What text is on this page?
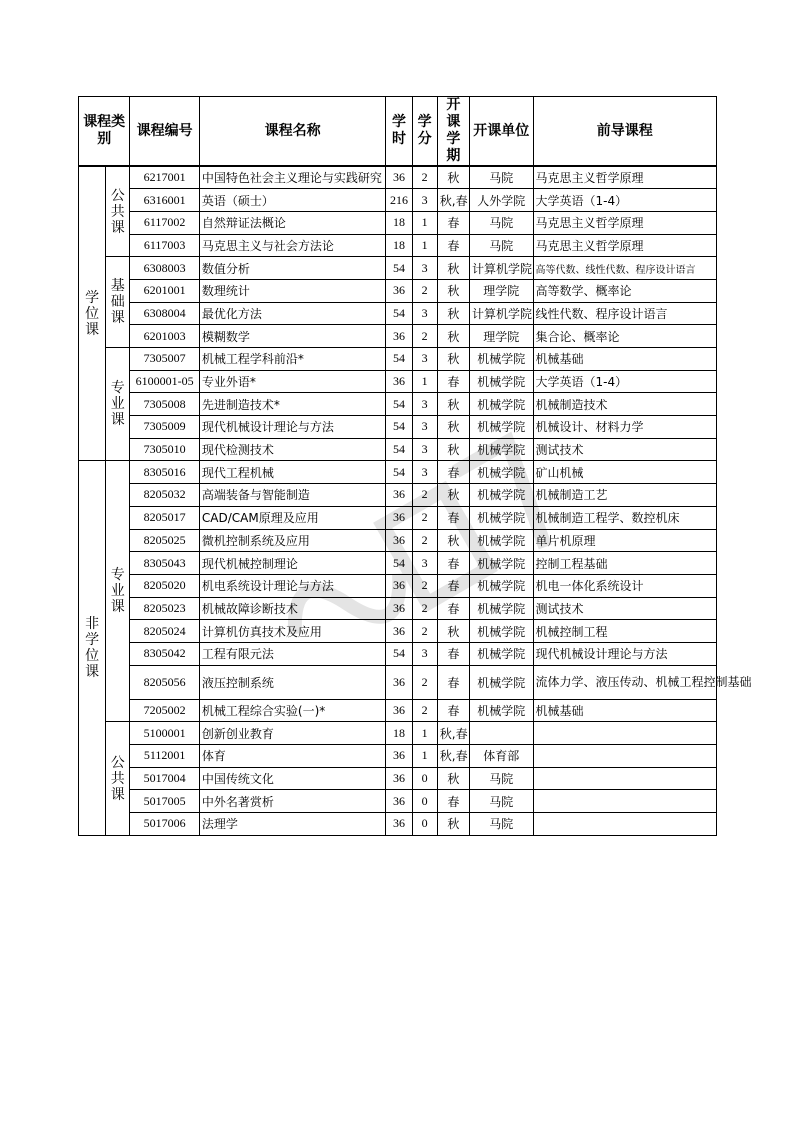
课程类别		课程编号	课程名称	学时	学分	开课学期	开课单位	前导课程

学
位
课	公
共
课	6217001	中国特色社会主义理论与实践研究	36	2	秋	马院	马克思主义哲学原理
		6316001	英语（硕士）	216	3	秋,春	人外学院	大学英语（1-4）
		6117002	自然辩证法概论	18	1	春	马院	马克思主义哲学原理
		6117003	马克思主义与社会方法论	18	1	春	马院	马克思主义哲学原理

	基
础
课	6308003	数值分析	54	3	秋	计算机学院	高等代数、线性代数、程序设计语言
		6201001	数理统计	36	2	秋	理学院	高等数学、概率论
		6308004	最优化方法	54	3	秋	计算机学院	线性代数、程序设计语言
		6201003	模糊数学	36	2	秋	理学院	集合论、概率论

	专
业
课	7305007	机械工程学科前沿*	54	3	秋	机械学院	机械基础
		6100001-05	专业外语*	36	1	春	机械学院	大学英语（1-4）
		7305008	先进制造技术*	54	3	秋	机械学院	机械制造技术
		7305009	现代机械设计理论与方法	54	3	秋	机械学院	机械设计、材料力学
		7305010	现代检测技术	54	3	秋	机械学院	测试技术

非
学
位
课	专
业
课	8305016	现代工程机械	54	3	春	机械学院	矿山机械
		8205032	高端装备与智能制造	36	2	秋	机械学院	机械制造工艺
		8205017	CAD/CAM原理及应用	36	2	春	机械学院	机械制造工程学、数控机床
		8205025	微机控制系统及应用	36	2	秋	机械学院	单片机原理
		8305043	现代机械控制理论	54	3	春	机械学院	控制工程基础
		8205020	机电系统设计理论与方法	36	2	春	机械学院	机电一体化系统设计
		8205023	机械故障诊断技术	36	2	春	机械学院	测试技术
		8205024	计算机仿真技术及应用	36	2	秋	机械学院	机械控制工程
		8305042	工程有限元法	54	3	春	机械学院	现代机械设计理论与方法
		8205056	液压控制系统	36	2	春	机械学院	流体力学、液压传动、机械工程控制基础
		7205002	机械工程综合实验(一)*	36	2	春	机械学院	机械基础

	公
共
课	5100001	创新创业教育	18	1	秋,春		
		5112001	体育	36	1	秋,春	体育部	
		5017004	中国传统文化	36	0	秋	马院	
		5017005	中外名著赏析	36	0	春	马院	
		5017006	法理学	36	0	秋	马院	
